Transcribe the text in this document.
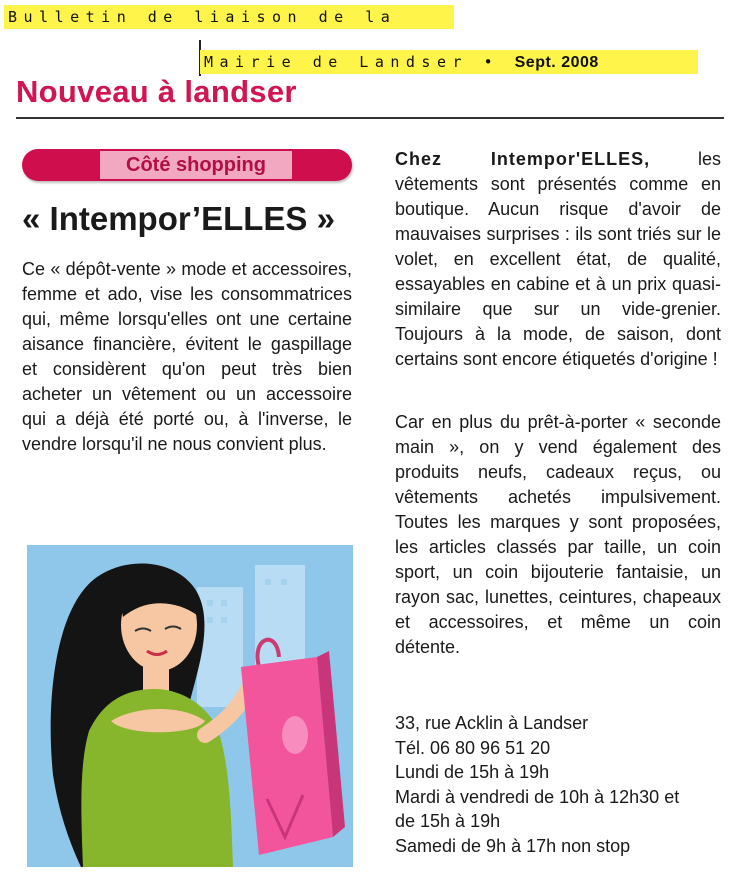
Bulletin de liaison de la
Mairie de Landser • Sept. 2008
Nouveau à landser
Côté shopping
« Intempor’ELLES »

Ce « dépôt-vente » mode et accessoires, femme et ado, vise les consommatrices qui, même lorsqu'elles ont une certaine aisance financière, évitent le gaspillage et considèrent qu'on peut très bien acheter un vêtement ou un accessoire qui a déjà été porté ou, à l'inverse, le vendre lorsqu'il ne nous convient plus.

Chez Intempor'ELLES, les vêtements sont présentés comme en boutique. Aucun risque d'avoir de mauvaises surprises : ils sont triés sur le volet, en excellent état, de qualité, essayables en cabine et à un prix quasi-similaire que sur un vide-grenier. Toujours à la mode, de saison, dont certains sont encore étiquetés d'origine !

Car en plus du prêt-à-porter « seconde main », on y vend également des produits neufs, cadeaux reçus, ou vêtements achetés impulsivement. Toutes les marques y sont proposées, les articles classés par taille, un coin sport, un coin bijouterie fantaisie, un rayon sac, lunettes, ceintures, chapeaux et accessoires, et même un coin détente.

33, rue Acklin à Landser
Tél. 06 80 96 51 20
Lundi de 15h à 19h
Mardi à vendredi de 10h à 12h30 et
de 15h à 19h
Samedi de 9h à 17h non stop
